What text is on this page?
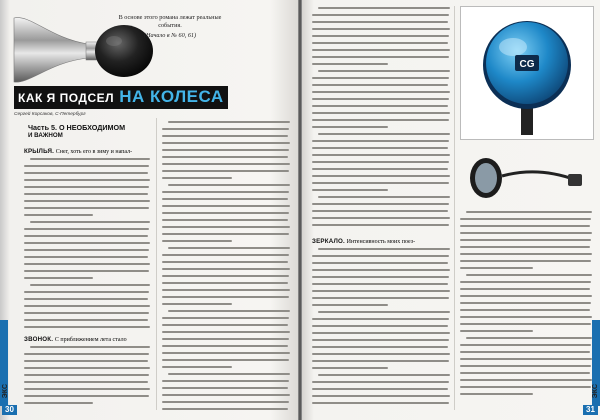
В основе этого романа лежат реальные события.
(Начало в № 60, 61)
КАК Я ПОДСЕЛ НА КОЛЕСА
Сергей Корсаков, С-Петербург
Часть 5. О НЕОБХОДИМОМ
И ВАЖНОМ
КРЫЛЬЯ. Снег, хоть его в зиму и напал-
ЗВОНОК. С приближением лета стало
ЭКС
30
ЗЕРКАЛО. Интенсивность моих поез-
CG
ЭКС
31
